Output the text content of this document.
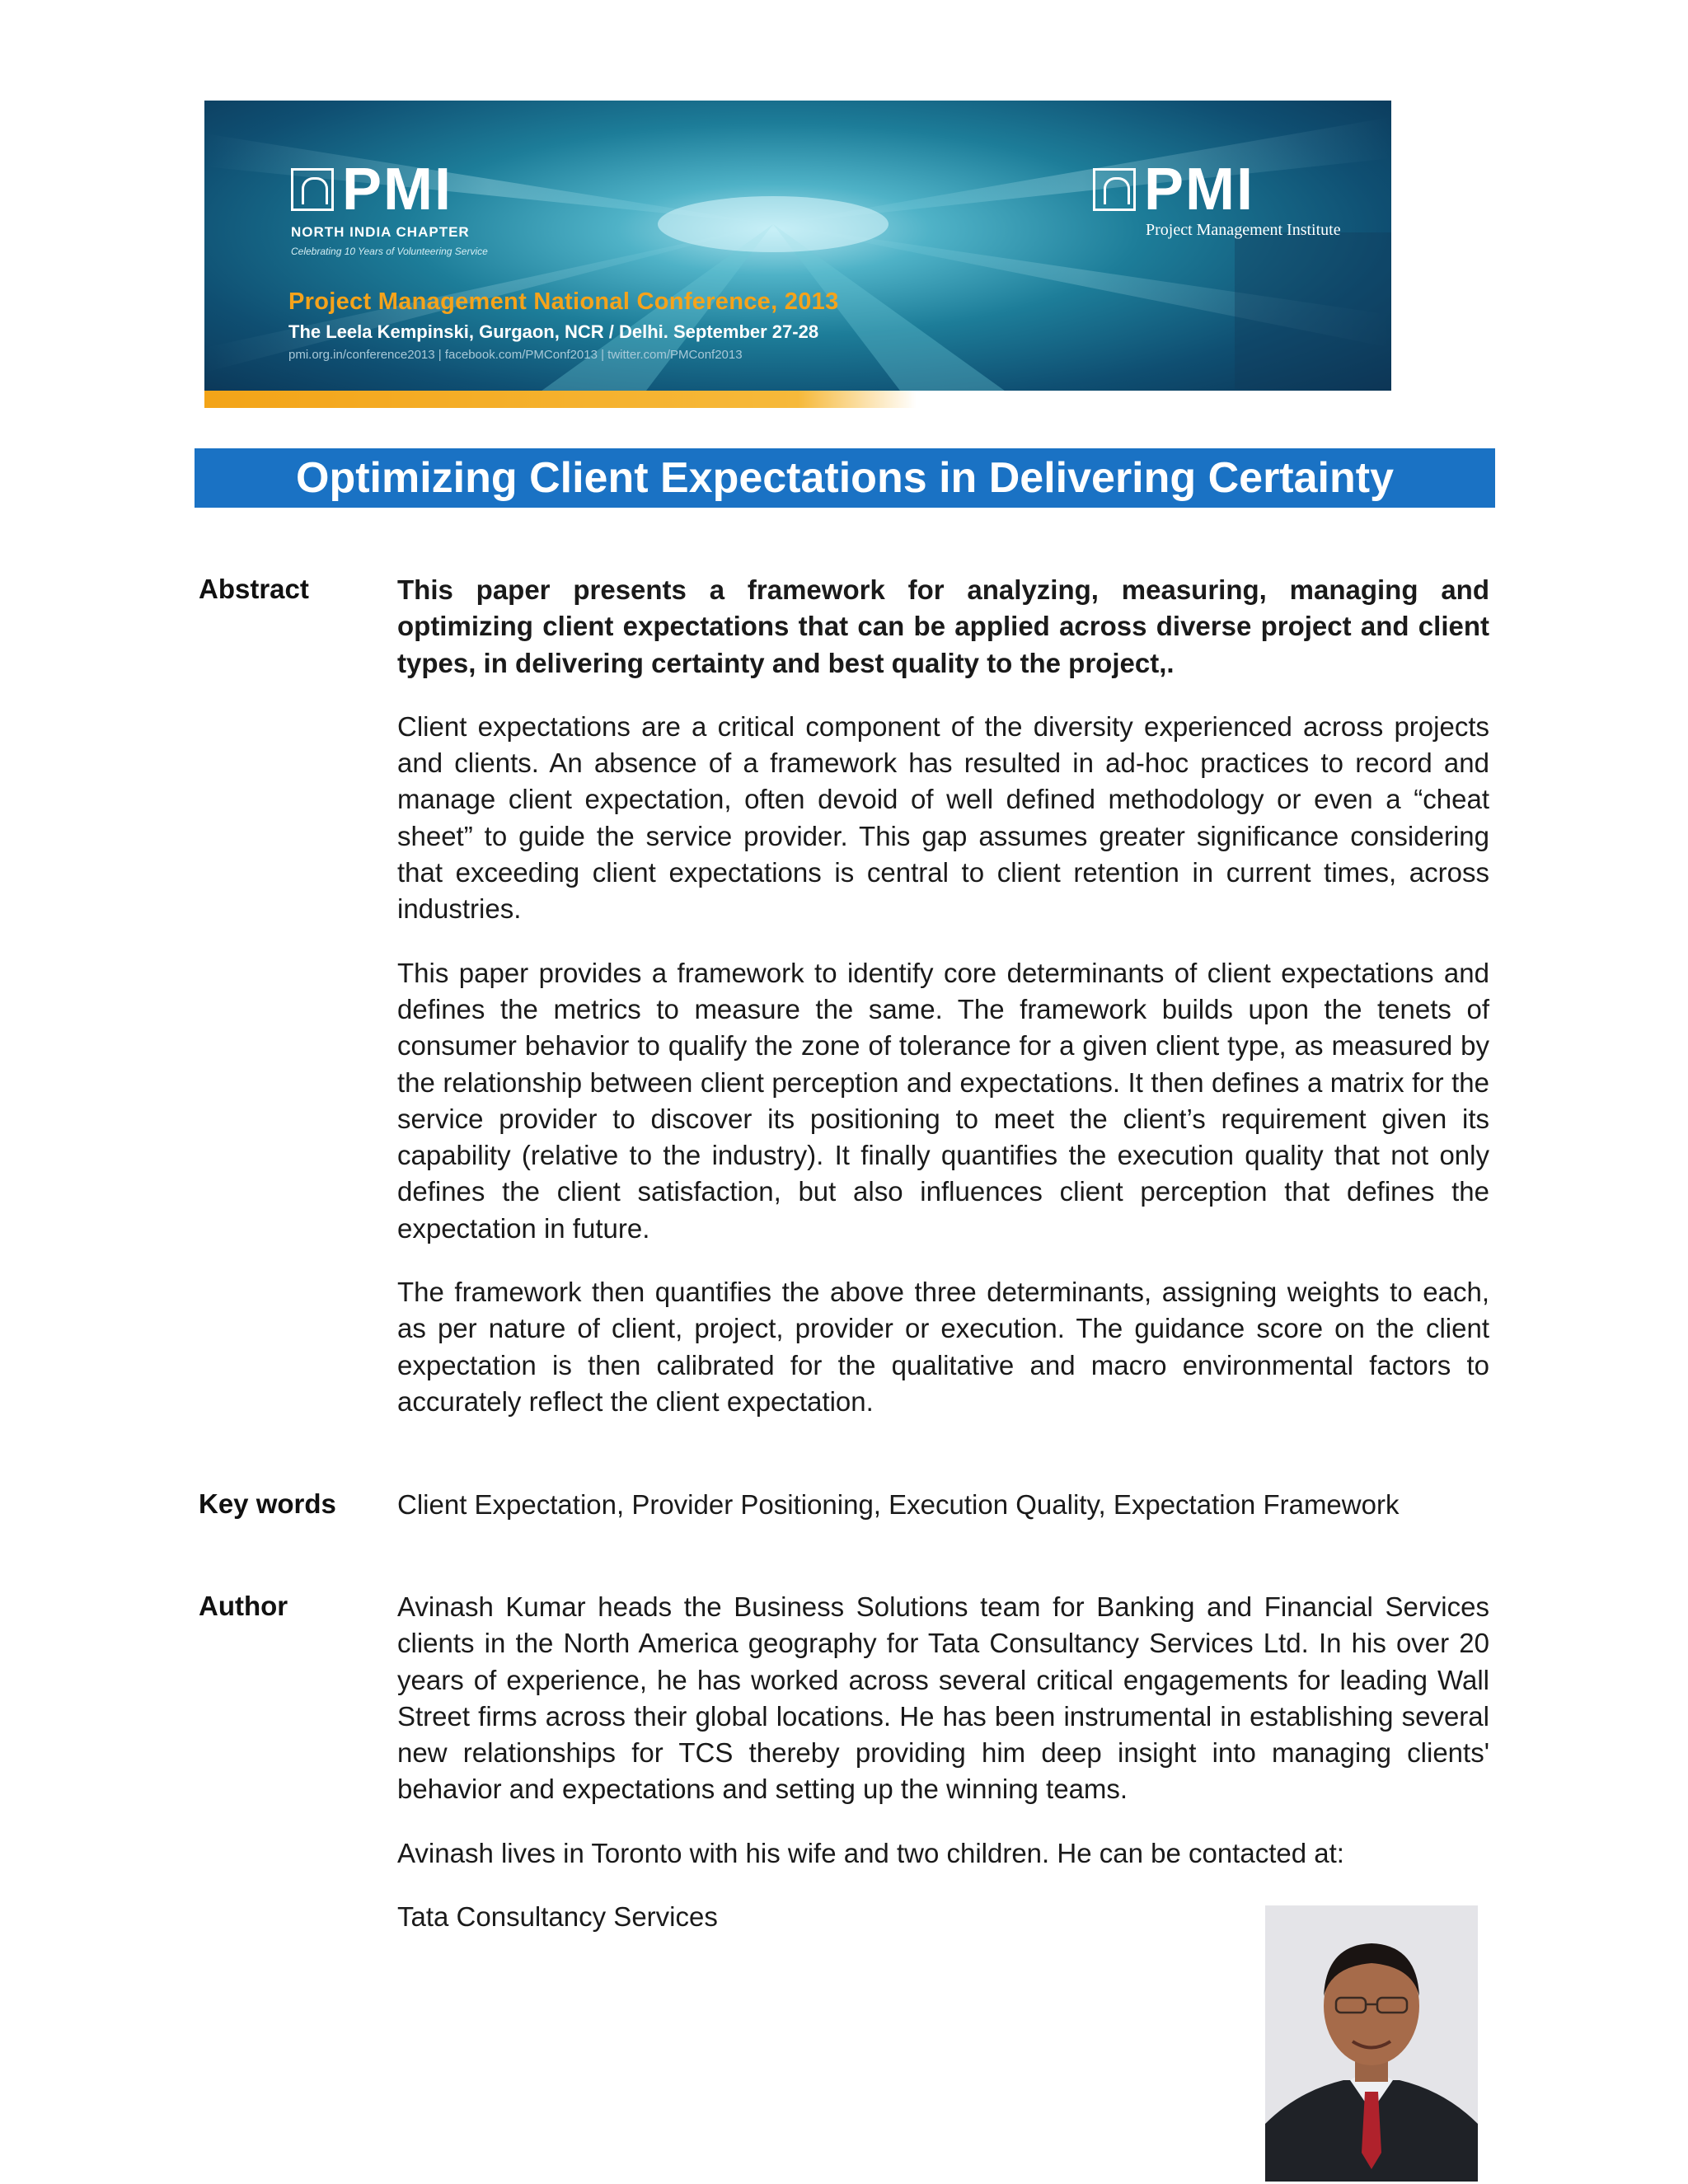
PMI
NORTH INDIA CHAPTER
Celebrating 10 Years of Volunteering Service
PMI
Project Management Institute
Project Management National Conference, 2013
The Leela Kempinski, Gurgaon, NCR / Delhi. September 27-28
pmi.org.in/conference2013 | facebook.com/PMConf2013 | twitter.com/PMConf2013
Optimizing Client Expectations in Delivering Certainty
Abstract	This paper presents a framework for analyzing, measuring, managing and optimizing client expectations that can be applied across diverse project and client types, in delivering certainty and best quality to the project,.

Client expectations are a critical component of the diversity experienced across projects and clients. An absence of a framework has resulted in ad-hoc practices to record and manage client expectation, often devoid of well defined methodology or even a “cheat sheet” to guide the service provider. This gap assumes greater significance considering that exceeding client expectations is central to client retention in current times, across industries.

This paper provides a framework to identify core determinants of client expectations and defines the metrics to measure the same. The framework builds upon the tenets of consumer behavior to qualify the zone of tolerance for a given client type, as measured by the relationship between client perception and expectations. It then defines a matrix for the service provider to discover its positioning to meet the client’s requirement given its capability (relative to the industry). It finally quantifies the execution quality that not only defines the client satisfaction, but also influences client perception that defines the expectation in future.

The framework then quantifies the above three determinants, assigning weights to each, as per nature of client, project, provider or execution. The guidance score on the client expectation is then calibrated for the qualitative and macro environmental factors to accurately reflect the client expectation.

Key words Client Expectation, Provider Positioning, Execution Quality, Expectation Framework
Author	Avinash Kumar heads the Business Solutions team for Banking and Financial Services clients in the North America geography for Tata Consultancy Services Ltd. In his over 20 years of experience, he has worked across several critical engagements for leading Wall Street firms across their global locations. He has been instrumental in establishing several new relationships for TCS thereby providing him deep insight into managing clients' behavior and expectations and setting up the winning teams.

Avinash lives in Toronto with his wife and two children. He can be contacted at:

Tata Consultancy Services
